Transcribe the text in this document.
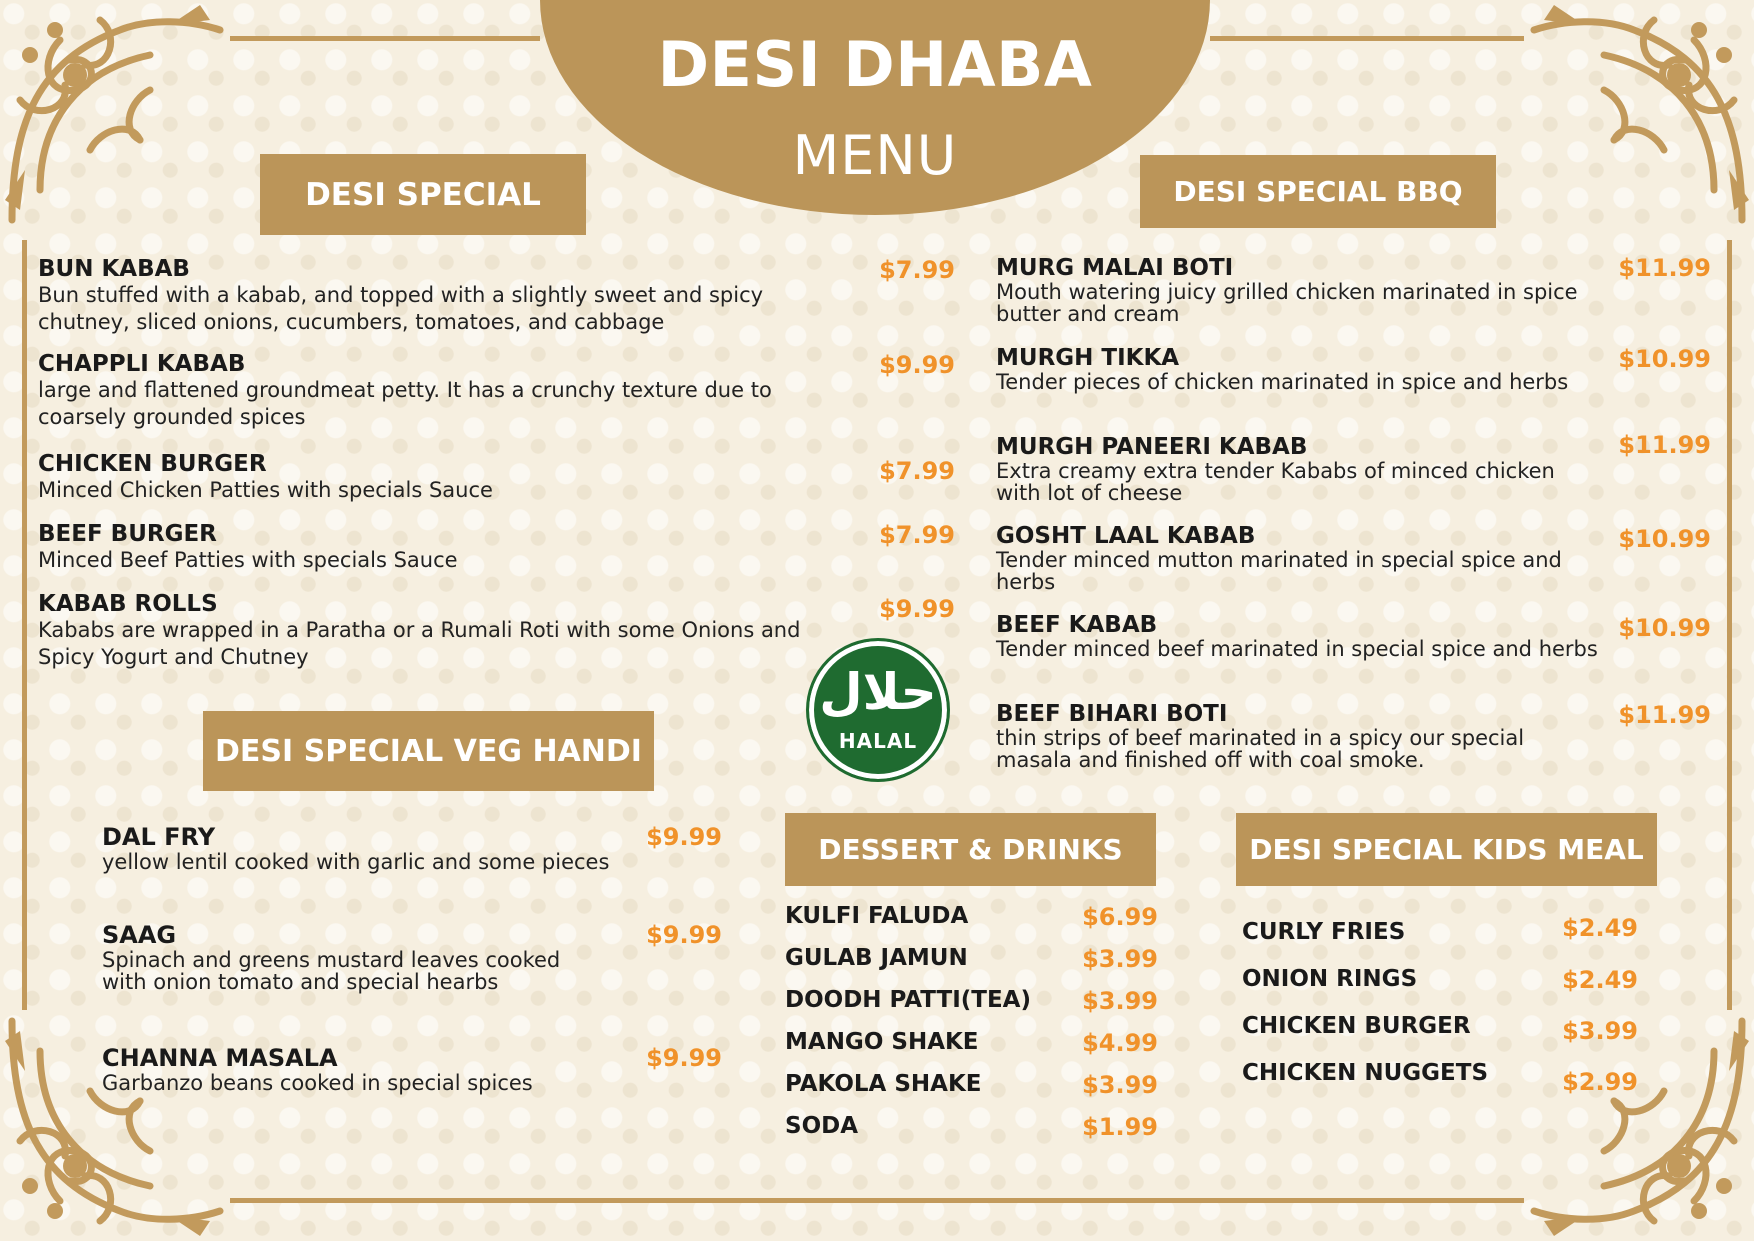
DESI DHABA
MENU
DESI SPECIAL	DESI SPECIAL BBQ
DESI SPECIAL VEG HANDI
DESSERT & DRINKS	DESI SPECIAL KIDS MEAL
BUN KABAB	$7.99
Bun stuffed with a kabab, and topped with a slightly sweet and spicy chutney, sliced onions, cucumbers, tomatoes, and cabbage
CHAPPLI KABAB	$9.99
large and flattened groundmeat petty. It has a crunchy texture due to coarsely grounded spices
CHICKEN BURGER	$7.99
Minced Chicken Patties with specials Sauce
BEEF BURGER	$7.99
Minced Beef Patties with specials Sauce
KABAB ROLLS	$9.99
Kababs are wrapped in a Paratha or a Rumali Roti with some Onions and Spicy Yogurt and Chutney
MURG MALAI BOTI	$11.99
Mouth watering juicy grilled chicken marinated in spice butter and cream
MURGH TIKKA	$10.99
Tender pieces of chicken marinated in spice and herbs
MURGH PANEERI KABAB	$11.99
Extra creamy extra tender Kababs of minced chicken with lot of cheese
GOSHT LAAL KABAB	$10.99
Tender minced mutton marinated in special spice and herbs
BEEF KABAB	$10.99
Tender minced beef marinated in special spice and herbs
BEEF BIHARI BOTI	$11.99
thin strips of beef marinated in a spicy our special masala and finished off with coal smoke.
حلال
HALAL
DAL FRY	$9.99
yellow lentil cooked with garlic and some pieces
SAAG	$9.99
Spinach and greens mustard leaves cooked with onion tomato and special hearbs
CHANNA MASALA	$9.99
Garbanzo beans cooked in special spices
KULFI FALUDA	$6.99
GULAB JAMUN	$3.99
DOODH PATTI(TEA) $3.99
MANGO SHAKE	$4.99
PAKOLA SHAKE	$3.99
SODA	$1.99
CURLY FRIES	$2.49
ONION RINGS	$2.49
CHICKEN BURGER	$3.99
CHICKEN NUGGETS	$2.99
